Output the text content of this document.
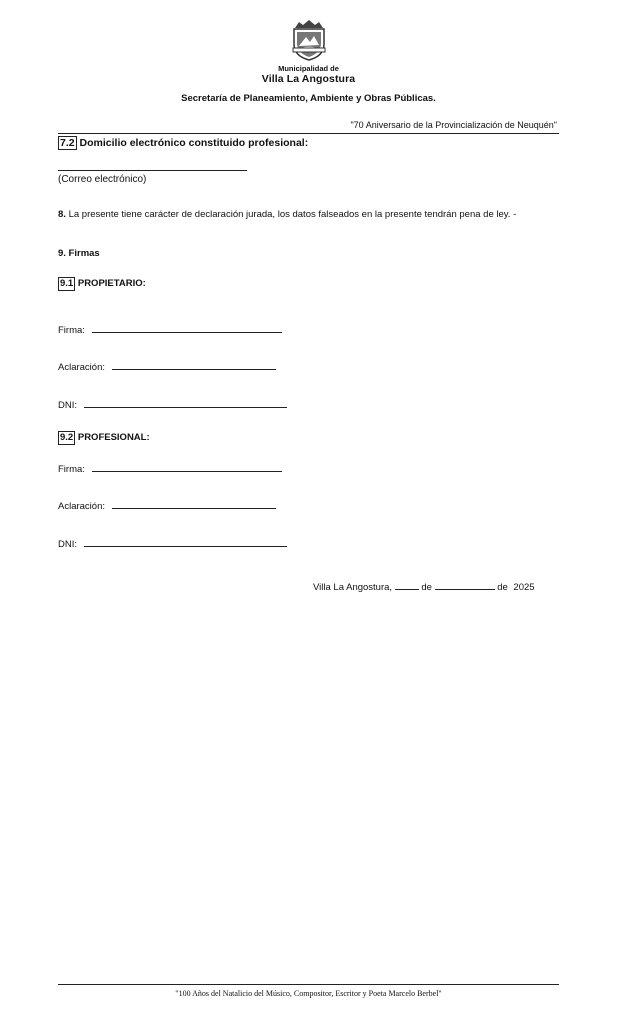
Municipalidad de
Villa La Angostura
Secretaría de Planeamiento, Ambiente y Obras Públicas.
"70 Aniversario de la Provincialización de Neuquén"
7.2 Domicilio electrónico constituido profesional:
(Correo electrónico)
8. La presente tiene carácter de declaración jurada, los datos falseados en la presente tendrán pena de ley. -
9. Firmas
9.1 PROPIETARIO:
Firma:
Aclaración:
DNI:
9.2 PROFESIONAL:
Firma:
Aclaración:
DNI:
Villa La Angostura,	de	de 2025
"100 Años del Natalicio del Músico, Compositor, Escritor y Poeta Marcelo Berbel"
